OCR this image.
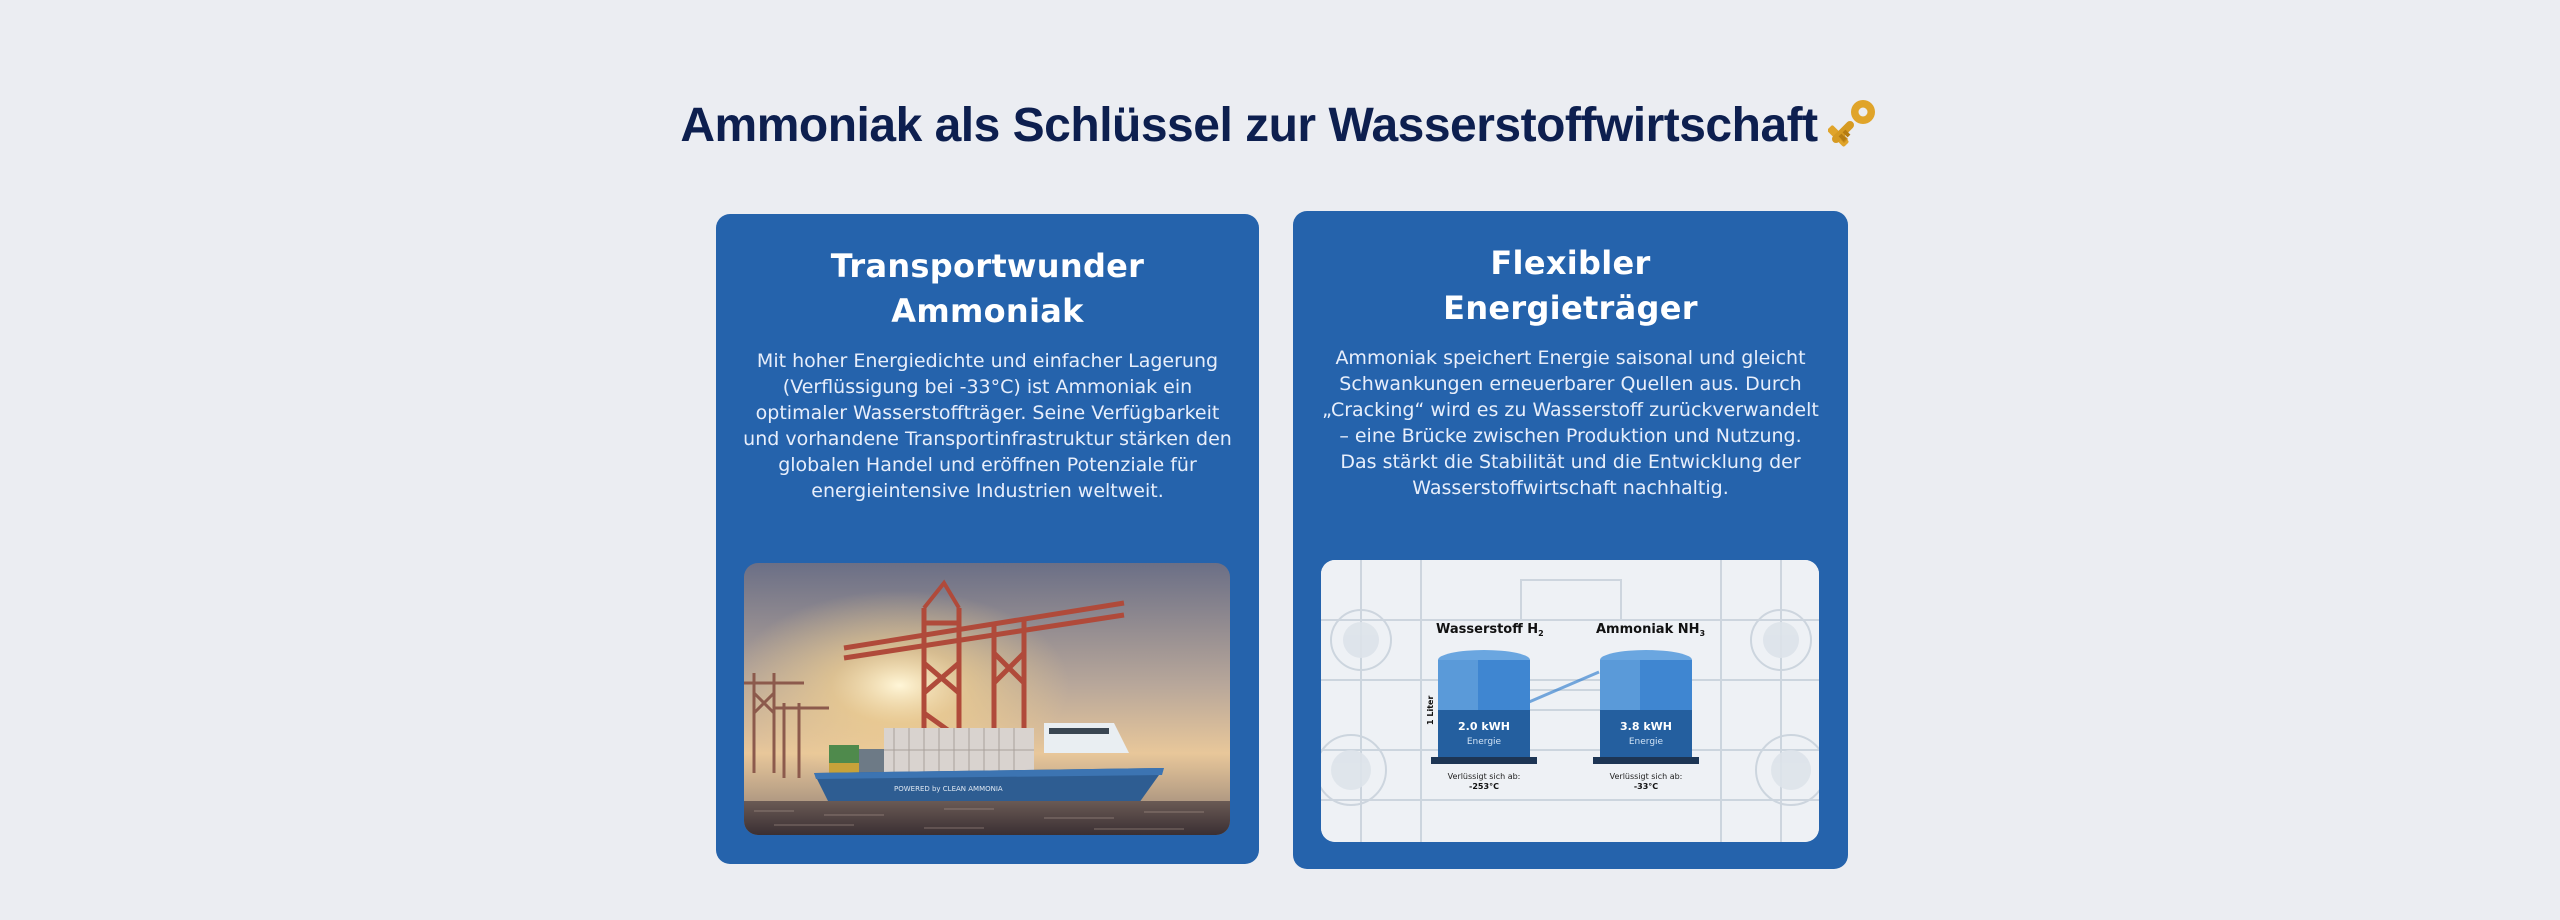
Ammoniak als Schlüssel zur Wasserstoffwirtschaft
Transportwunder
Ammoniak

Mit hoher Energiedichte und einfacher Lagerung (Verflüssigung bei -33°C) ist Ammoniak ein optimaler Wasserstoffträger. Seine Verfügbarkeit und vorhandene Transportinfrastruktur stärken den globalen Handel und eröffnen Potenziale für energieintensive Industrien weltweit.

POWERED by CLEAN AMMONIA
Flexibler
Energieträger

Ammoniak speichert Energie saisonal und gleicht Schwankungen erneuerbarer Quellen aus. Durch „Cracking“ wird es zu Wasserstoff zurückverwandelt – eine Brücke zwischen Produktion und Nutzung. Das stärkt die Stabilität und die Entwicklung der Wasserstoffwirtschaft nachhaltig.

Wasserstoff $H_2$	Ammoniak $NH_3$
1 Liter
2.0 kWH
Energie
3.8 kWH
Energie
Verlüssigt sich ab:
-253°C
Verlüssigt sich ab:
-33°C
